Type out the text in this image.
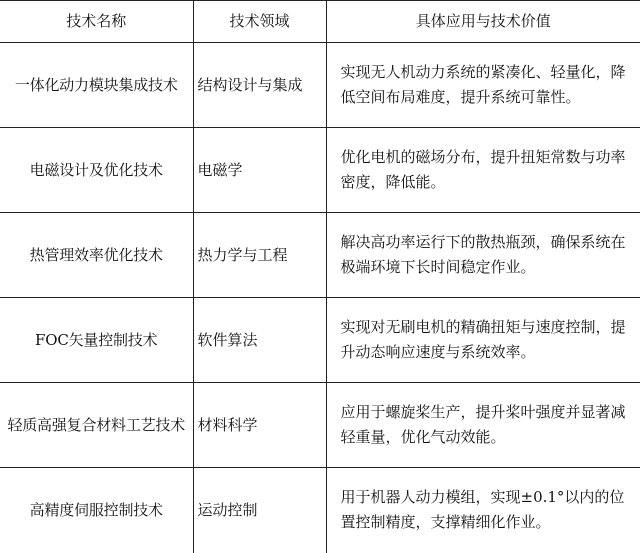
技术名称	技术领域	具体应用与技术价值
一体化动力模块集成技术	结构设计与集成	实现无人机动力系统的紧凑化、轻量化，降低空间布局难度，提升系统可靠性。
电磁设计及优化技术	电磁学	优化电机的磁场分布，提升扭矩常数与功率密度，降低能。
热管理效率优化技术	热力学与工程	解决高功率运行下的散热瓶颈，确保系统在极端环境下长时间稳定作业。
FOC矢量控制技术	软件算法	实现对无刷电机的精确扭矩与速度控制，提升动态响应速度与系统效率。
轻质高强复合材料工艺技术	材料科学	应用于螺旋桨生产，提升桨叶强度并显著减轻重量，优化气动效能。
高精度伺服控制技术	运动控制	用于机器人动力模组，实现±0.1°以内的位置控制精度，支撑精细化作业。
